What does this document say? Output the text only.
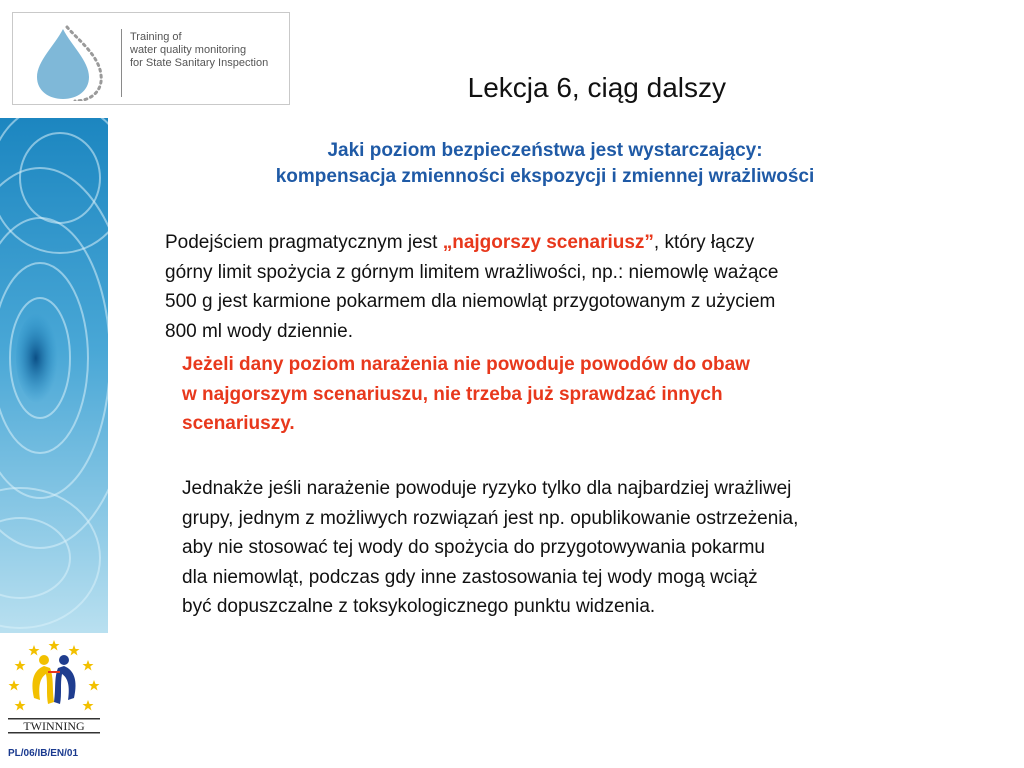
Training of
water quality monitoring
for State Sanitary Inspection
Lekcja 6, ciąg dalszy
TWINNING
PL/06/IB/EN/01
Jaki poziom bezpieczeństwa jest wystarczający:
kompensacja zmienności ekspozycji i zmiennej wrażliwości
Podejściem pragmatycznym jest „najgorszy scenariusz”, który łączy
górny limit spożycia z górnym limitem wrażliwości, np.: niemowlę ważące
500 g jest karmione pokarmem dla niemowląt przygotowanym z użyciem
800 ml wody dziennie.
Jeżeli dany poziom narażenia nie powoduje powodów do obaw
w najgorszym scenariuszu, nie trzeba już sprawdzać innych
scenariuszy.
Jednakże jeśli narażenie powoduje ryzyko tylko dla najbardziej wrażliwej
grupy, jednym z możliwych rozwiązań jest np. opublikowanie ostrzeżenia,
aby nie stosować tej wody do spożycia do przygotowywania pokarmu
dla niemowląt, podczas gdy inne zastosowania tej wody mogą wciąż
być dopuszczalne z toksykologicznego punktu widzenia.
